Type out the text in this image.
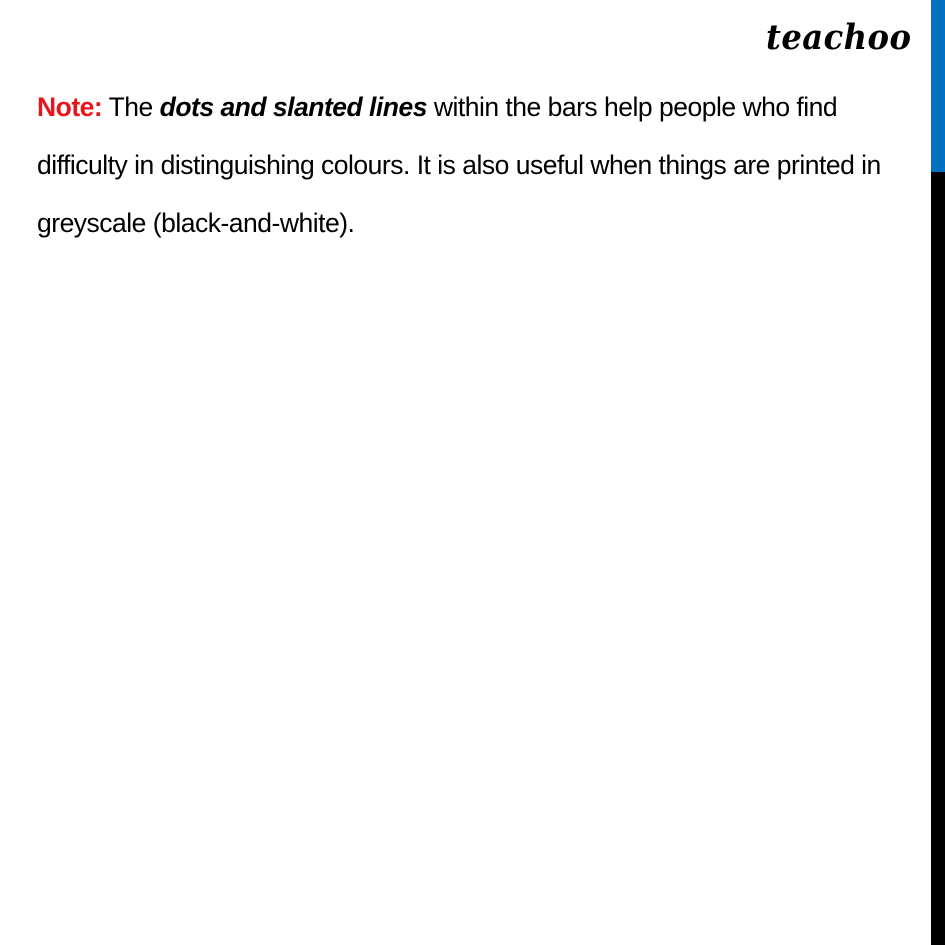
teachoo
Note: The dots and slanted lines within the bars help people who find difficulty in distinguishing colours. It is also useful when things are printed in greyscale (black-and-white).
